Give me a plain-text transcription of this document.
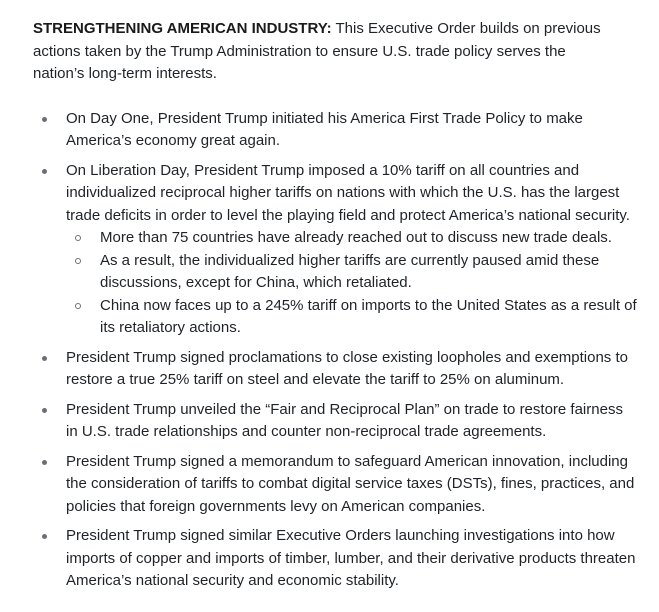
STRENGTHENING AMERICAN INDUSTRY: This Executive Order builds on previous actions taken by the Trump Administration to ensure U.S. trade policy serves the nation’s long-term interests.

On Day One, President Trump initiated his America First Trade Policy to make America’s economy great again.
On Liberation Day, President Trump imposed a 10% tariff on all countries and individualized reciprocal higher tariffs on nations with which the U.S. has the largest trade deficits in order to level the playing field and protect America’s national security.
More than 75 countries have already reached out to discuss new trade deals.
As a result, the individualized higher tariffs are currently paused amid these discussions, except for China, which retaliated.
China now faces up to a 245% tariff on imports to the United States as a result of its retaliatory actions.
President Trump signed proclamations to close existing loopholes and exemptions to restore a true 25% tariff on steel and elevate the tariff to 25% on aluminum.
President Trump unveiled the “Fair and Reciprocal Plan” on trade to restore fairness in U.S. trade relationships and counter non-reciprocal trade agreements.
President Trump signed a memorandum to safeguard American innovation, including the consideration of tariffs to combat digital service taxes (DSTs), fines, practices, and policies that foreign governments levy on American companies.
President Trump signed similar Executive Orders launching investigations into how imports of copper and imports of timber, lumber, and their derivative products threaten America’s national security and economic stability.
